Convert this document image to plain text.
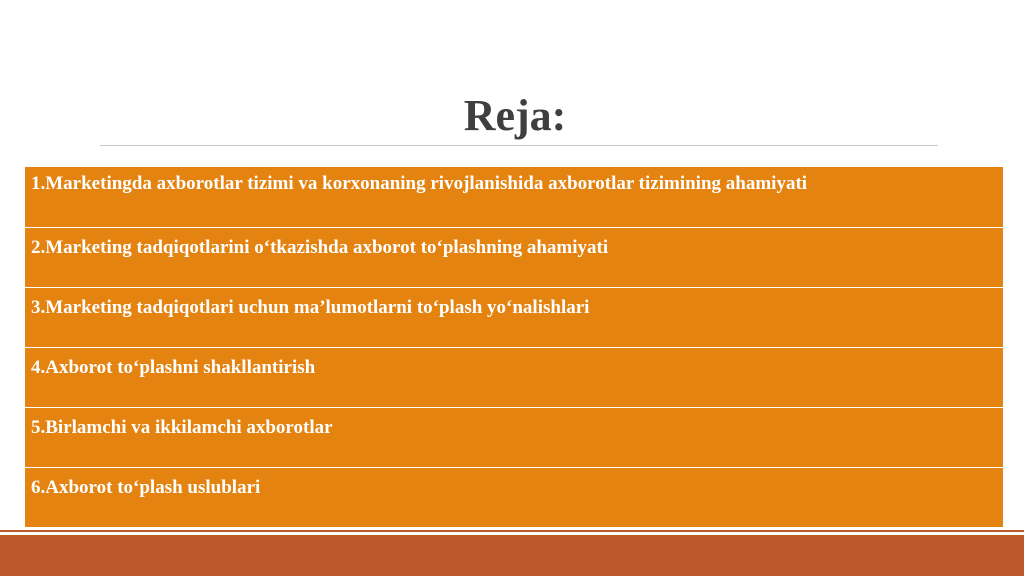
Reja:
1.Marketingda axborotlar tizimi va korxonaning rivojlanishida axborotlar tizimining ahamiyati
2.Marketing tadqiqotlarini o‘tkazishda axborot to‘plashning ahamiyati
3.Marketing tadqiqotlari uchun ma’lumotlarni to‘plash yo‘nalishlari
4.Axborot to‘plashni shakllantirish
5.Birlamchi va ikkilamchi axborotlar
6.Axborot to‘plash uslublari
